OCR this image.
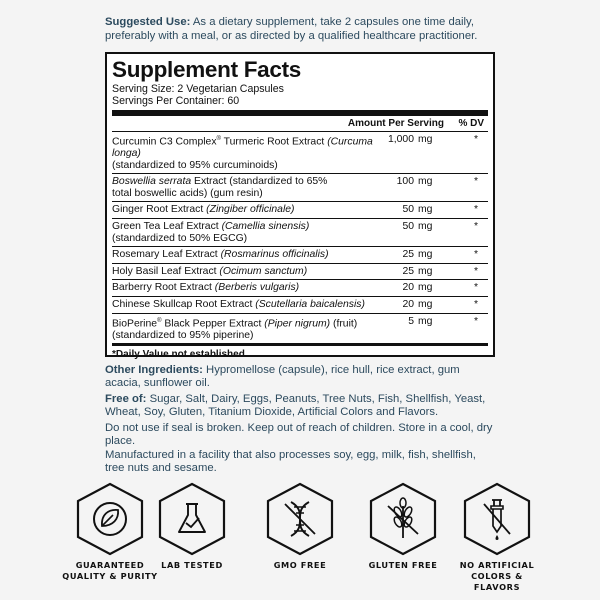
Suggested Use: As a dietary supplement, take 2 capsules one time daily, preferably with a meal, or as directed by a qualified healthcare practitioner.
Supplement Facts
Serving Size: 2 Vegetarian Capsules
Servings Per Container: 60
Amount Per Serving	% DV
Curcumin C3 Complex® Turmeric Root Extract (Curcuma longa)
(standardized to 95% curcuminoids)
1,000 mg	*
Boswellia serrata Extract (standardized to 65%
total boswellic acids) (gum resin)
100 mg	*
Ginger Root Extract (Zingiber officinale)	50 mg	*
Green Tea Leaf Extract (Camellia sinensis)
(standardized to 50% EGCG)
50 mg	*
Rosemary Leaf Extract (Rosmarinus officinalis)	25 mg	*
Holy Basil Leaf Extract (Ocimum sanctum)	25 mg	*
Barberry Root Extract (Berberis vulgaris)	20 mg	*
Chinese Skullcap Root Extract (Scutellaria baicalensis)	20 mg	*
BioPerine® Black Pepper Extract (Piper nigrum) (fruit)
(standardized to 95% piperine)
5 mg	*
*Daily Value not established.
Other Ingredients: Hypromellose (capsule), rice hull, rice extract, gum acacia, sunflower oil.
Free of: Sugar, Salt, Dairy, Eggs, Peanuts, Tree Nuts, Fish, Shellfish, Yeast, Wheat, Soy, Gluten, Titanium Dioxide, Artificial Colors and Flavors.
Do not use if seal is broken. Keep out of reach of children. Store in a cool, dry place.
Manufactured in a facility that also processes soy, egg, milk, fish, shellfish, tree nuts and sesame.
GUARANTEED
QUALITY & PURITY
LAB TESTED	GMO FREE	GLUTEN FREE	NO ARTIFICIAL
COLORS & FLAVORS
